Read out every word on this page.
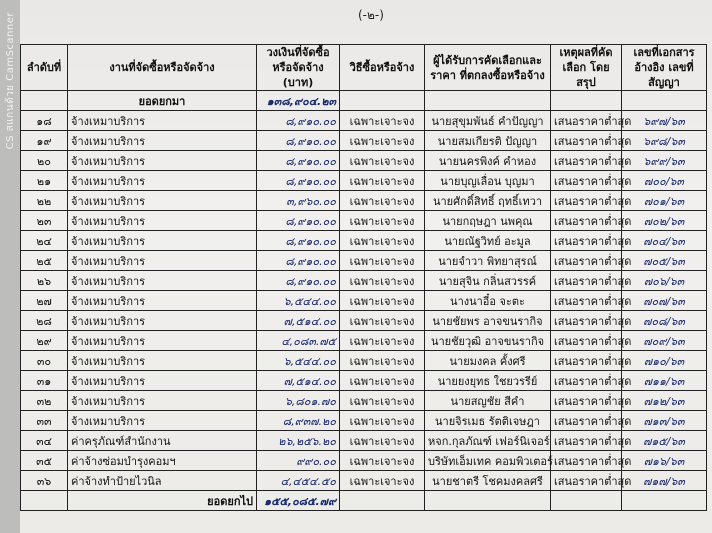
CS สแกนด้วย CamScanner	(-๒-)
ลำดับที่	งานที่จัดซื้อหรือจัดจ้าง	วงเงินที่จัดซื้อ หรือจัดจ้าง (บาท)	วิธีซื้อหรือจ้าง	ผู้ได้รับการคัดเลือกและราคา ที่ตกลงซื้อหรือจ้าง	เหตุผลที่คัดเลือก โดยสรุป	เลขที่เอกสารอ้างอิง เลขที่สัญญา
	ยอดยกมา	๑๓๘,๙๐๔.๒๓				
๑๘	จ้างเหมาบริการ	๘,๙๑๐.๐๐	เฉพาะเจาะจง	นายสุขุมพันธ์ คำปัญญา	เสนอราคาต่ำสุด	๖๙๗/๖๓
๑๙	จ้างเหมาบริการ	๘,๙๑๐.๐๐	เฉพาะเจาะจง	นายสมเกียรติ ปัญญา	เสนอราคาต่ำสุด	๖๙๘/๖๓
๒๐	จ้างเหมาบริการ	๘,๙๑๐.๐๐	เฉพาะเจาะจง	นายนครพิงค์ คำหอง	เสนอราคาต่ำสุด	๖๙๙/๖๓
๒๑	จ้างเหมาบริการ	๘,๙๑๐.๐๐	เฉพาะเจาะจง	นายบุญเลื่อน บุญมา	เสนอราคาต่ำสุด	๗๐๐/๖๓
๒๒	จ้างเหมาบริการ	๓,๙๖๐.๐๐	เฉพาะเจาะจง	นายศักดิ์สิทธิ์ ฤทธิ์เทวา	เสนอราคาต่ำสุด	๗๐๑/๖๓
๒๓	จ้างเหมาบริการ	๘,๙๑๐.๐๐	เฉพาะเจาะจง	นายกฤษฎา นพคุณ	เสนอราคาต่ำสุด	๗๐๒/๖๓
๒๔	จ้างเหมาบริการ	๘,๙๑๐.๐๐	เฉพาะเจาะจง	นายณัฐวิทย์ อะมูล	เสนอราคาต่ำสุด	๗๐๔/๖๓
๒๕	จ้างเหมาบริการ	๘,๙๑๐.๐๐	เฉพาะเจาะจง	นายจำวา พิทยาสุรณ์	เสนอราคาต่ำสุด	๗๐๕/๖๓
๒๖	จ้างเหมาบริการ	๘,๙๑๐.๐๐	เฉพาะเจาะจง	นายสุจิน กลิ่นสวรรค์	เสนอราคาต่ำสุด	๗๐๖/๖๓
๒๗	จ้างเหมาบริการ	๖,๕๔๔.๐๐	เฉพาะเจาะจง	นางนาอี๋อ จะตะ	เสนอราคาต่ำสุด	๗๐๗/๖๓
๒๘	จ้างเหมาบริการ	๗,๕๑๔.๐๐	เฉพาะเจาะจง	นายชัยพร อาจขนรากิจ	เสนอราคาต่ำสุด	๗๐๘/๖๓
๒๙	จ้างเหมาบริการ	๔,๐๘๓.๗๕	เฉพาะเจาะจง	นายชัยวุฒิ อาจขนรากิจ	เสนอราคาต่ำสุด	๗๐๙/๖๓
๓๐	จ้างเหมาบริการ	๖,๕๔๔.๐๐	เฉพาะเจาะจง	นายมงคล คั้งศรี	เสนอราคาต่ำสุด	๗๑๐/๖๓
๓๑	จ้างเหมาบริการ	๗,๕๑๔.๐๐	เฉพาะเจาะจง	นายยงยุทธ ใชยวรรีย์	เสนอราคาต่ำสุด	๗๑๑/๖๓
๓๒	จ้างเหมาบริการ	๖,๘๐๑.๗๐	เฉพาะเจาะจง	นายสญชัย สีคำ	เสนอราคาต่ำสุด	๗๑๒/๖๓
๓๓	จ้างเหมาบริการ	๘,๙๓๗.๒๐	เฉพาะเจาะจง	นายจิรเมธ รัตติเจษฎา	เสนอราคาต่ำสุด	๗๑๓/๖๓
๓๔	ค่าครุภัณฑ์สำนักงาน	๒๖,๒๕๖.๒๐	เฉพาะเจาะจง	หจก.กุลภัณฑ์ เฟอร์นิเจอร์	เสนอราคาต่ำสุด	๗๑๕/๖๓
๓๕	ค่าจ้างซ่อมบำรุงคอมฯ	๙๙๐.๐๐	เฉพาะเจาะจง	บริษัทเอ็มเทค คอมพิวเตอร์	เสนอราคาต่ำสุด	๗๑๖/๖๓
๓๖	ค่าจ้างทำป้ายไวนิล	๔,๔๕๔.๕๐	เฉพาะเจาะจง	นายชาตรี โชคมงคลศรี	เสนอราคาต่ำสุด	๗๑๗/๖๓
	ยอดยกไป	๑๕๕,๐๘๕.๗๙				
